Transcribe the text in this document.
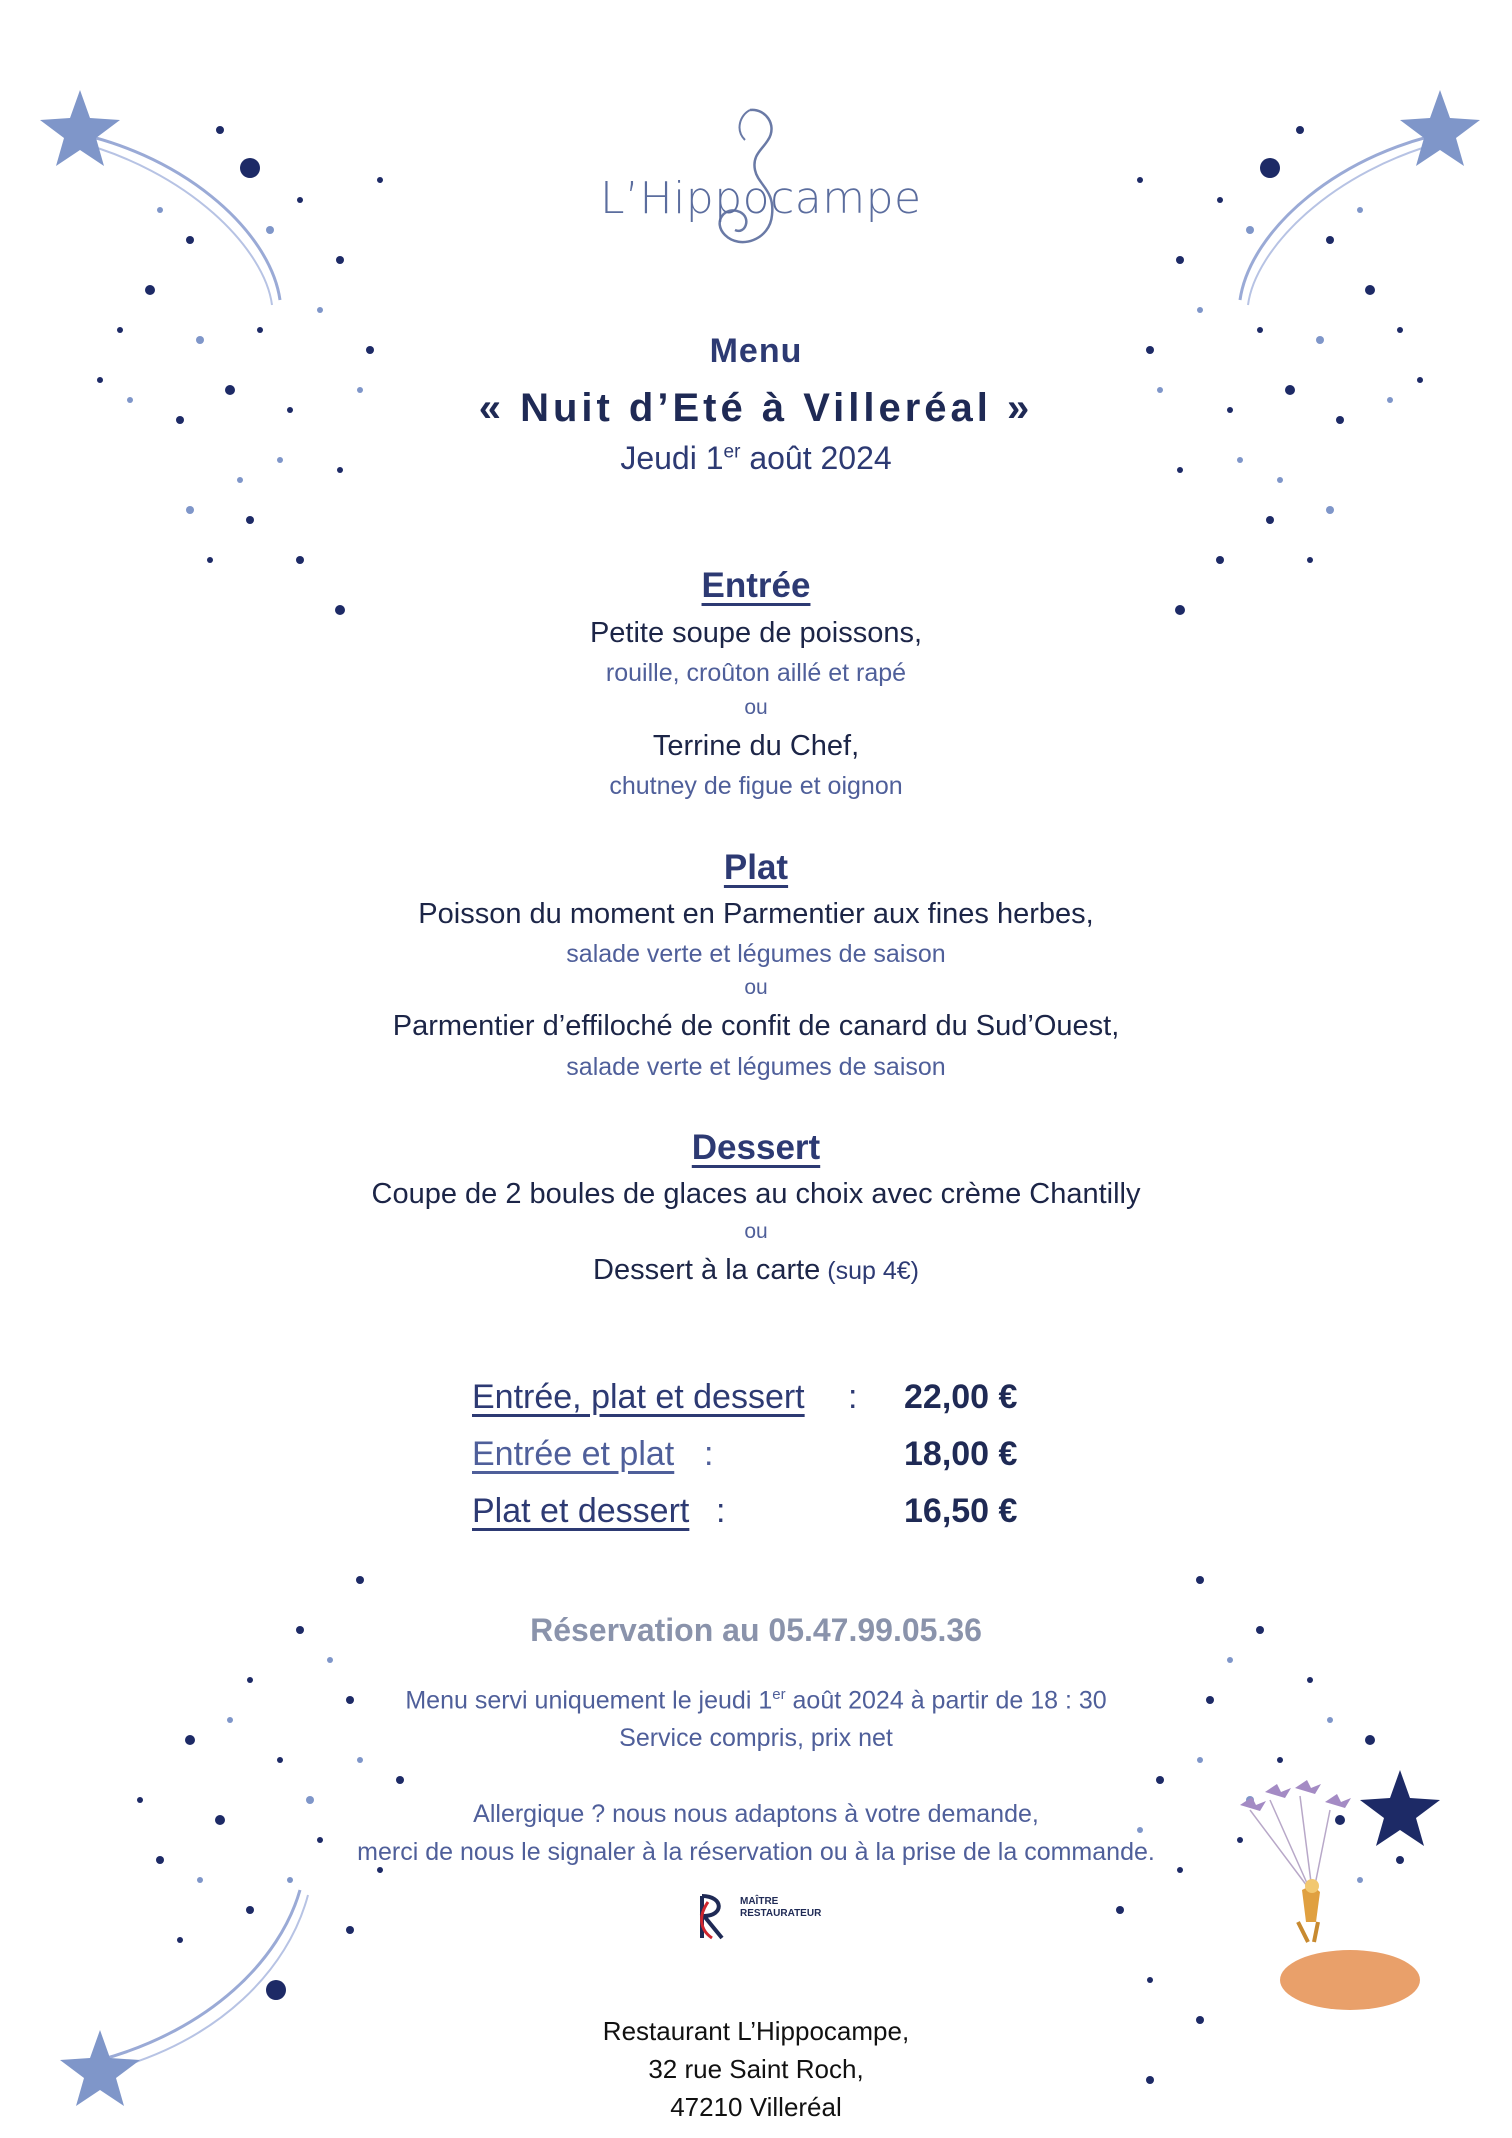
L’Hippocampe
Menu
« Nuit d’Eté à Villeréal »
Jeudi 1er août 2024
Entrée
Petite soupe de poissons,
rouille, croûton aillé et rapé
ou
Terrine du Chef,
chutney de figue et oignon
Plat
Poisson du moment en Parmentier aux fines herbes,
salade verte et légumes de saison
ou
Parmentier d’effiloché de confit de canard du Sud’Ouest,
salade verte et légumes de saison
Dessert
Coupe de 2 boules de glaces au choix avec crème Chantilly
ou
Dessert à la carte (sup 4€)
Entrée, plat et dessert : 22,00 €
Entrée et plat :	18,00 €
Plat et dessert :	16,50 €
Réservation au 05.47.99.05.36
Menu servi uniquement le jeudi 1er août 2024 à partir de 18 : 30
Service compris, prix net
Allergique ? nous nous adaptons à votre demande,
merci de nous le signaler à la réservation ou à la prise de la commande.
MAÎTRE
RESTAURATEUR
Restaurant L’Hippocampe,
32 rue Saint Roch,
47210 Villeréal
